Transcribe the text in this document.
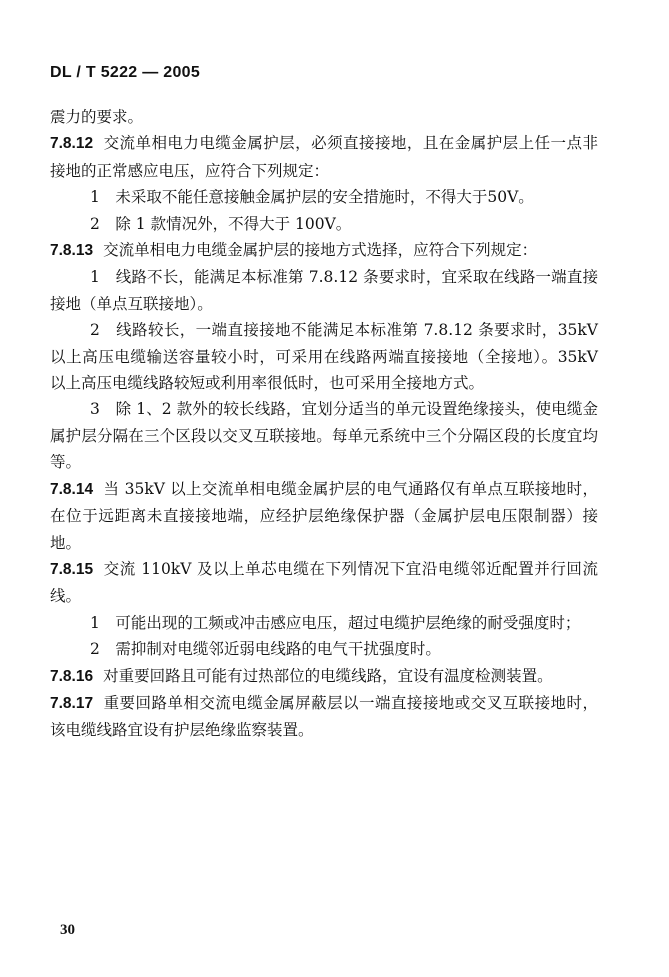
DL / T 5222 — 2005

震力的要求。

7.8.12 交流单相电力电缆金属护层，必须直接接地，且在金属护层上任一点非接地的正常感应电压，应符合下列规定：

1　未采取不能任意接触金属护层的安全措施时，不得大于50V。

2　除 1 款情况外，不得大于 100V。

7.8.13 交流单相电力电缆金属护层的接地方式选择，应符合下列规定：

1　线路不长，能满足本标准第 7.8.12 条要求时，宜采取在线路一端直接接地（单点互联接地）。

2　线路较长，一端直接接地不能满足本标准第 7.8.12 条要求时，35kV 以上高压电缆输送容量较小时，可采用在线路两端直接接地（全接地）。35kV 以上高压电缆线路较短或利用率很低时，也可采用全接地方式。

3　除 1、2 款外的较长线路，宜划分适当的单元设置绝缘接头，使电缆金属护层分隔在三个区段以交叉互联接地。每单元系统中三个分隔区段的长度宜均等。

7.8.14 当 35kV 以上交流单相电缆金属护层的电气通路仅有单点互联接地时，在位于远距离未直接接地端，应经护层绝缘保护器（金属护层电压限制器）接地。

7.8.15 交流 110kV 及以上单芯电缆在下列情况下宜沿电缆邻近配置并行回流线。

1　可能出现的工频或冲击感应电压，超过电缆护层绝缘的耐受强度时；

2　需抑制对电缆邻近弱电线路的电气干扰强度时。

7.8.16 对重要回路且可能有过热部位的电缆线路，宜设有温度检测装置。

7.8.17 重要回路单相交流电缆金属屏蔽层以一端直接接地或交叉互联接地时，该电缆线路宜设有护层绝缘监察装置。

30
